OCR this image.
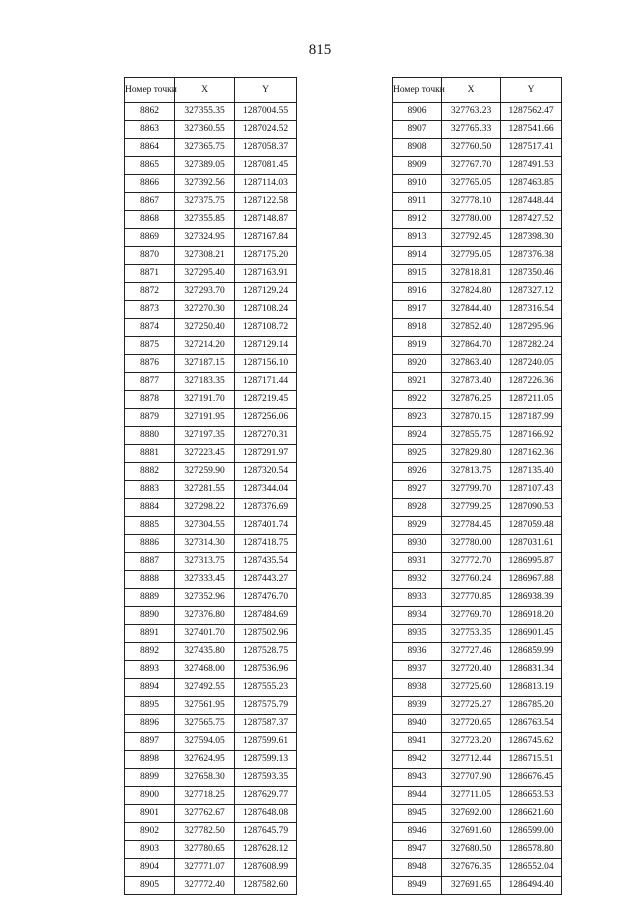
815
Номер точки	X	Y
8862	327355.35	1287004.55
8863	327360.55	1287024.52
8864	327365.75	1287058.37
8865	327389.05	1287081.45
8866	327392.56	1287114.03
8867	327375.75	1287122.58
8868	327355.85	1287148.87
8869	327324.95	1287167.84
8870	327308.21	1287175.20
8871	327295.40	1287163.91
8872	327293.70	1287129.24
8873	327270.30	1287108.24
8874	327250.40	1287108.72
8875	327214.20	1287129.14
8876	327187.15	1287156.10
8877	327183.35	1287171.44
8878	327191.70	1287219.45
8879	327191.95	1287256.06
8880	327197.35	1287270.31
8881	327223.45	1287291.97
8882	327259.90	1287320.54
8883	327281.55	1287344.04
8884	327298.22	1287376.69
8885	327304.55	1287401.74
8886	327314.30	1287418.75
8887	327313.75	1287435.54
8888	327333.45	1287443.27
8889	327352.96	1287476.70
8890	327376.80	1287484.69
8891	327401.70	1287502.96
8892	327435.80	1287528.75
8893	327468.00	1287536.96
8894	327492.55	1287555.23
8895	327561.95	1287575.79
8896	327565.75	1287587.37
8897	327594.05	1287599.61
8898	327624.95	1287599.13
8899	327658.30	1287593.35
8900	327718.25	1287629.77
8901	327762.67	1287648.08
8902	327782.50	1287645.79
8903	327780.65	1287628.12
8904	327771.07	1287608.99
8905	327772.40	1287582.60
Номер точки	X	Y
8906	327763.23	1287562.47
8907	327765.33	1287541.66
8908	327760.50	1287517.41
8909	327767.70	1287491.53
8910	327765.05	1287463.85
8911	327778.10	1287448.44
8912	327780.00	1287427.52
8913	327792.45	1287398.30
8914	327795.05	1287376.38
8915	327818.81	1287350.46
8916	327824.80	1287327.12
8917	327844.40	1287316.54
8918	327852.40	1287295.96
8919	327864.70	1287282.24
8920	327863.40	1287240.05
8921	327873.40	1287226.36
8922	327876.25	1287211.05
8923	327870.15	1287187.99
8924	327855.75	1287166.92
8925	327829.80	1287162.36
8926	327813.75	1287135.40
8927	327799.70	1287107.43
8928	327799.25	1287090.53
8929	327784.45	1287059.48
8930	327780.00	1287031.61
8931	327772.70	1286995.87
8932	327760.24	1286967.88
8933	327770.85	1286938.39
8934	327769.70	1286918.20
8935	327753.35	1286901.45
8936	327727.46	1286859.99
8937	327720.40	1286831.34
8938	327725.60	1286813.19
8939	327725.27	1286785.20
8940	327720.65	1286763.54
8941	327723.20	1286745.62
8942	327712.44	1286715.51
8943	327707.90	1286676.45
8944	327711.05	1286653.53
8945	327692.00	1286621.60
8946	327691.60	1286599.00
8947	327680.50	1286578.80
8948	327676.35	1286552.04
8949	327691.65	1286494.40
